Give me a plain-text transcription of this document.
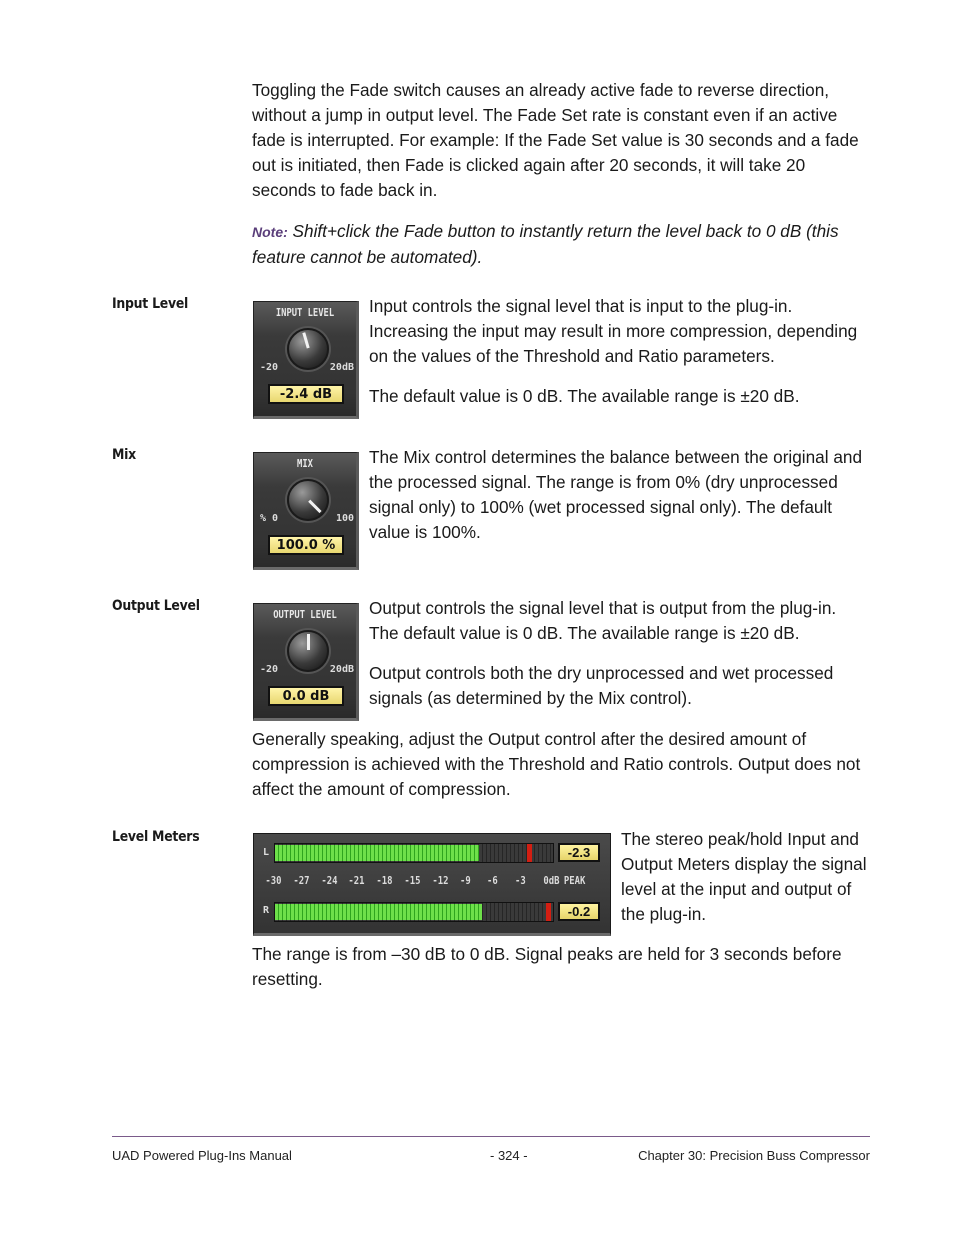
Toggling the Fade switch causes an already active fade to reverse direction, without a jump in output level. The Fade Set rate is constant even if an active fade is interrupted. For example: If the Fade Set value is 30 seconds and a fade out is initiated, then Fade is clicked again after 20 seconds, it will take 20 seconds to fade back in.
Note: Shift+click the Fade button to instantly return the level back to 0 dB (this feature cannot be automated).
Input Level
INPUT LEVEL
-20	20dB
-2.4 dB

Input controls the signal level that is input to the plug-in. Increasing the input may result in more compression, depending on the values of the Threshold and Ratio parameters.

The default value is 0 dB. The available range is ±20 dB.

Mix
MIX
% 0	100
100.0 %

The Mix control determines the balance between the original and the processed signal. The range is from 0% (dry unprocessed signal only) to 100% (wet processed signal only). The default value is 100%.

Output Level
OUTPUT LEVEL
-20	20dB
0.0 dB

Output controls the signal level that is output from the plug-in. The default value is 0 dB. The available range is ±20 dB.

Output controls both the dry unprocessed and wet processed signals (as determined by the Mix control).

Generally speaking, adjust the Output control after the desired amount of compression is achieved with the Threshold and Ratio controls. Output does not affect the amount of compression.
Level Meters
L	-2.3
-30 -27 -24 -21 -18 -15 -12 -9 -6 -3 0dB PEAK
R	-0.2
The stereo peak/hold Input and Output Meters display the signal level at the input and output of the plug-in.
The range is from –30 dB to 0 dB. Signal peaks are held for 3 seconds before resetting.
UAD Powered Plug-Ins Manual	- 324 -	Chapter 30: Precision Buss Compressor
